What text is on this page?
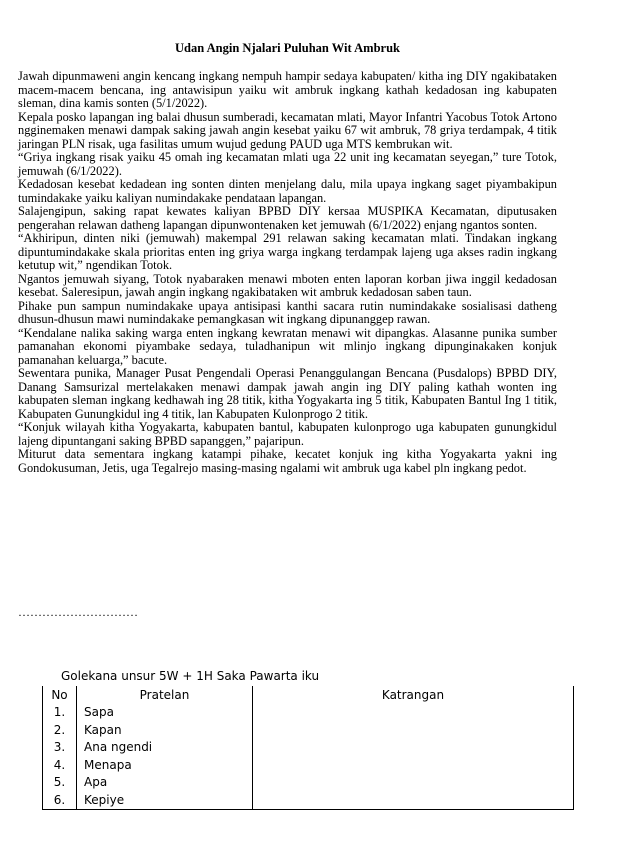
Udan Angin Njalari Puluhan Wit Ambruk

Jawah dipunmaweni angin kencang ingkang nempuh hampir sedaya kabupaten/ kitha ing DIY ngakibataken macem-macem bencana, ing antawisipun yaiku wit ambruk ingkang kathah kedadosan ing kabupaten sleman, dina kamis sonten (5/1/2022).

Kepala posko lapangan ing balai dhusun sumberadi, kecamatan mlati, Mayor Infantri Yacobus Totok Artono ngginemaken menawi dampak saking jawah angin kesebat yaiku 67 wit ambruk, 78 griya terdampak, 4 titik jaringan PLN risak, uga fasilitas umum wujud gedung PAUD uga MTS kembrukan wit.

“Griya ingkang risak yaiku 45 omah ing kecamatan mlati uga 22 unit ing kecamatan seyegan,” ture Totok, jemuwah (6/1/2022).

Kedadosan kesebat kedadean ing sonten dinten menjelang dalu, mila upaya ingkang saget piyambakipun tumindakake yaiku kaliyan numindakake pendataan lapangan.

Salajengipun, saking rapat kewates kaliyan BPBD DIY kersaa MUSPIKA Kecamatan, diputusaken pengerahan relawan datheng lapangan dipunwontenaken ket jemuwah (6/1/2022) enjang ngantos sonten.

“Akhiripun, dinten niki (jemuwah) makempal 291 relawan saking kecamatan mlati. Tindakan ingkang dipuntumindakake skala prioritas enten ing griya warga ingkang terdampak lajeng uga akses radin ingkang ketutup wit,” ngendikan Totok.

Ngantos jemuwah siyang, Totok nyabaraken menawi mboten enten laporan korban jiwa inggil kedadosan kesebat. Saleresipun, jawah angin ingkang ngakibataken wit ambruk kedadosan saben taun.

Pihake pun sampun numindakake upaya antisipasi kanthi sacara rutin numindakake sosialisasi datheng dhusun-dhusun mawi numindakake pemangkasan wit ingkang dipunanggep rawan.

“Kendalane nalika saking warga enten ingkang kewratan menawi wit dipangkas. Alasanne punika sumber pamanahan ekonomi piyambake sedaya, tuladhanipun wit mlinjo ingkang dipunginakaken konjuk pamanahan keluarga,” bacute.

Sewentara punika, Manager Pusat Pengendali Operasi Penanggulangan Bencana (Pusdalops) BPBD DIY, Danang Samsurizal mertelakaken menawi dampak jawah angin ing DIY paling kathah wonten ing kabupaten sleman ingkang kedhawah ing 28 titik, kitha Yogyakarta ing 5 titik, Kabupaten Bantul Ing 1 titik, Kabupaten Gunungkidul ing 4 titik, lan Kabupaten Kulonprogo 2 titik.

“Konjuk wilayah kitha Yogyakarta, kabupaten bantul, kabupaten kulonprogo uga kabupaten gunungkidul lajeng dipuntangani saking BPBD sapanggen,” pajaripun.

Miturut data sementara ingkang katampi pihake, kecatet konjuk ing kitha Yogyakarta yakni ing Gondokusuman, Jetis, uga Tegalrejo masing-masing ngalami wit ambruk uga kabel pln ingkang pedot.

…………………………
Golekana unsur 5W + 1H Saka Pawarta iku
No	Pratelan	Katrangan
1.	Sapa	
2.	Kapan	
3.	Ana ngendi	
4.	Menapa	
5.	Apa	
6.	Kepiye	
